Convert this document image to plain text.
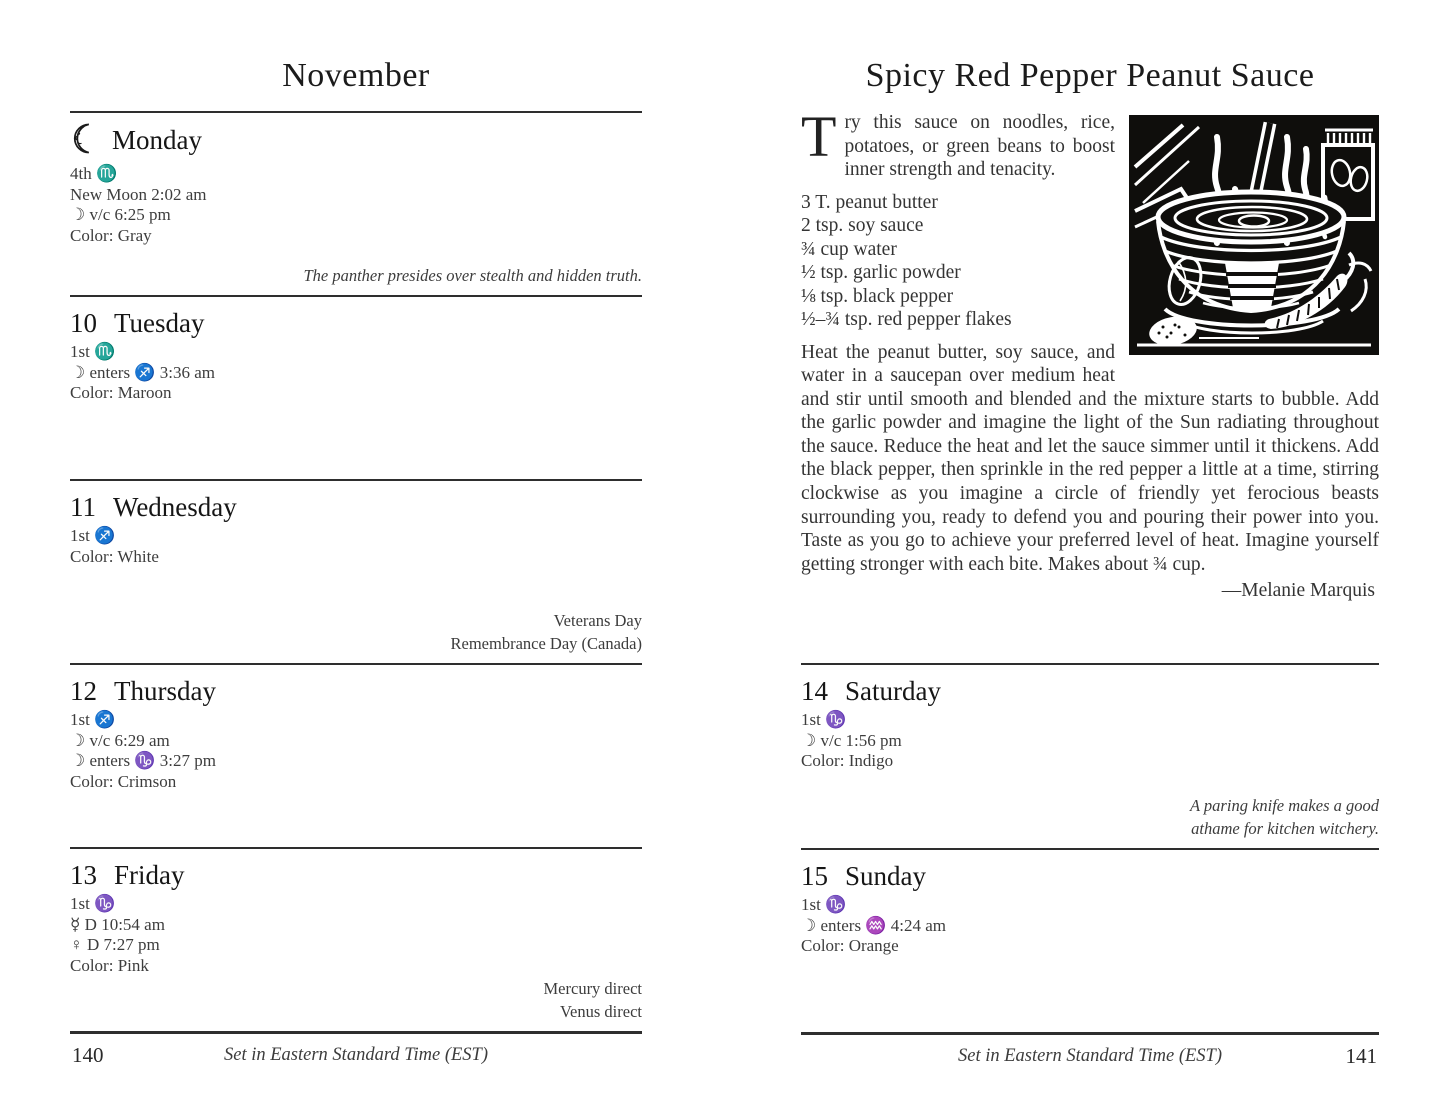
November
Monday
4th ♏
New Moon 2:02 am
☽ v/c 6:25 pm
Color: Gray
The panther presides over stealth and hidden truth.
10 Tuesday
1st ♏
☽ enters ♐ 3:36 am
Color: Maroon
11 Wednesday
1st ♐
Color: White
Veterans Day
Remembrance Day (Canada)
12 Thursday
1st ♐
☽ v/c 6:29 am
☽ enters ♑ 3:27 pm
Color: Crimson
13 Friday
1st ♑
☿ D 10:54 am
♀ D 7:27 pm
Color: Pink
Mercury direct
Venus direct
140	Set in Eastern Standard Time (EST)
Spicy Red Pepper Peanut Sauce

Try this sauce on noodles, rice, potatoes, or green beans to boost inner strength and tenacity.

3 T. peanut butter
2 tsp. soy sauce
¾ cup water
½ tsp. garlic powder
⅛ tsp. black pepper
½–¾ tsp. red pepper flakes

Heat the peanut butter, soy sauce, and water in a saucepan over medium heat and stir until smooth and blended and the mixture starts to bubble. Add the garlic powder and imagine the light of the Sun radiating throughout the sauce. Reduce the heat and let the sauce simmer until it thickens. Add the black pepper, then sprinkle in the red pepper a little at a time, stirring clockwise as you imagine a circle of friendly yet ferocious beasts surrounding you, ready to defend you and pouring their power into you. Taste as you go to achieve your preferred level of heat. Imagine yourself getting stronger with each bite. Makes about ¾ cup.

—Melanie Marquis
14 Saturday
1st ♑
☽ v/c 1:56 pm
Color: Indigo
A paring knife makes a good
athame for kitchen witchery.
15 Sunday
1st ♑
☽ enters ♒ 4:24 am
Color: Orange
Set in Eastern Standard Time (EST)	141
